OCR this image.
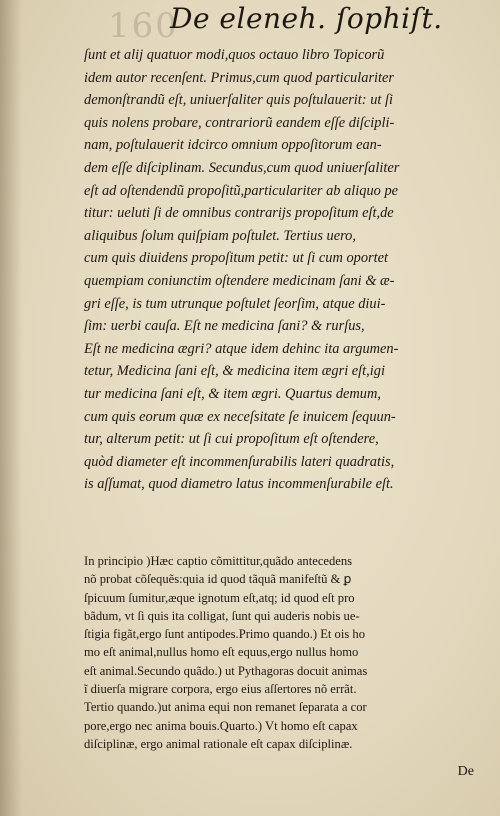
160
De eleneh. ſophiſt.
ſunt et alij quatuor modi,quos octauo libro Topicorũ
idem autor recenſent. Primus,cum quod particulariter
demonſtrandũ eſt, uniuerſaliter quis poſtulauerit: ut ſi
quis nolens probare, contrariorũ eandem eſſe diſcipli-
nam, poſtulauerit idcirco omnium oppoſitorum ean-
dem eſſe diſciplinam. Secundus,cum quod uniuerſaliter
eſt ad oſtendendũ propoſitũ,particulariter ab aliquo pe
titur: ueluti ſi de omnibus contrarijs propoſitum eſt,de
aliquibus ſolum quiſpiam poſtulet. Tertius uero,
cum quis diuidens propoſitum petit: ut ſi cum oportet
quempiam coniunctim oſtendere medicinam ſani & æ-
gri eſſe, is tum utrunque poſtulet ſeorſim, atque diui-
ſim: uerbi cauſa. Eſt ne medicina ſani? & rurſus,
Eſt ne medicina ægri? atque idem dehinc ita argumen-
tetur, Medicina ſani eſt, & medicina item ægri eſt,igi
tur medicina ſani eſt, & item ægri. Quartus demum,
cum quis eorum quæ ex neceſsitate ſe inuicem ſequun-
tur, alterum petit: ut ſi cui propoſitum eſt oſtendere,
quòd diameter eſt incommenſurabilis lateri quadratis,
is aſſumat, quod diametro latus incommenſurabile eſt.
In principio )Hæc captio cõmittitur,quãdo antecedens
nõ probat cõſequẽs:quia id quod tãquã manifeſtũ & ꝑ
ſpicuum ſumitur,æque ignotum eſt,atq; id quod eſt pro
bãdum, vt ſi quis ita colligat, ſunt qui auderis nobis ue-
ſtigia figãt,ergo ſunt antipodes.Primo quando.) Et ois ho
mo eſt animal,nullus homo eſt equus,ergo nullus homo
eſt animal.Secundo quãdo.) ut Pythagoras docuit animas
ĩ diuerſa migrare corpora, ergo eius aſſertores nõ errãt.
Tertio quando.)ut anima equi non remanet ſeparata a cor
pore,ergo nec anima bouis.Quarto.) Vt homo eſt capax
diſciplinæ, ergo animal rationale eſt capax diſciplinæ.
De
